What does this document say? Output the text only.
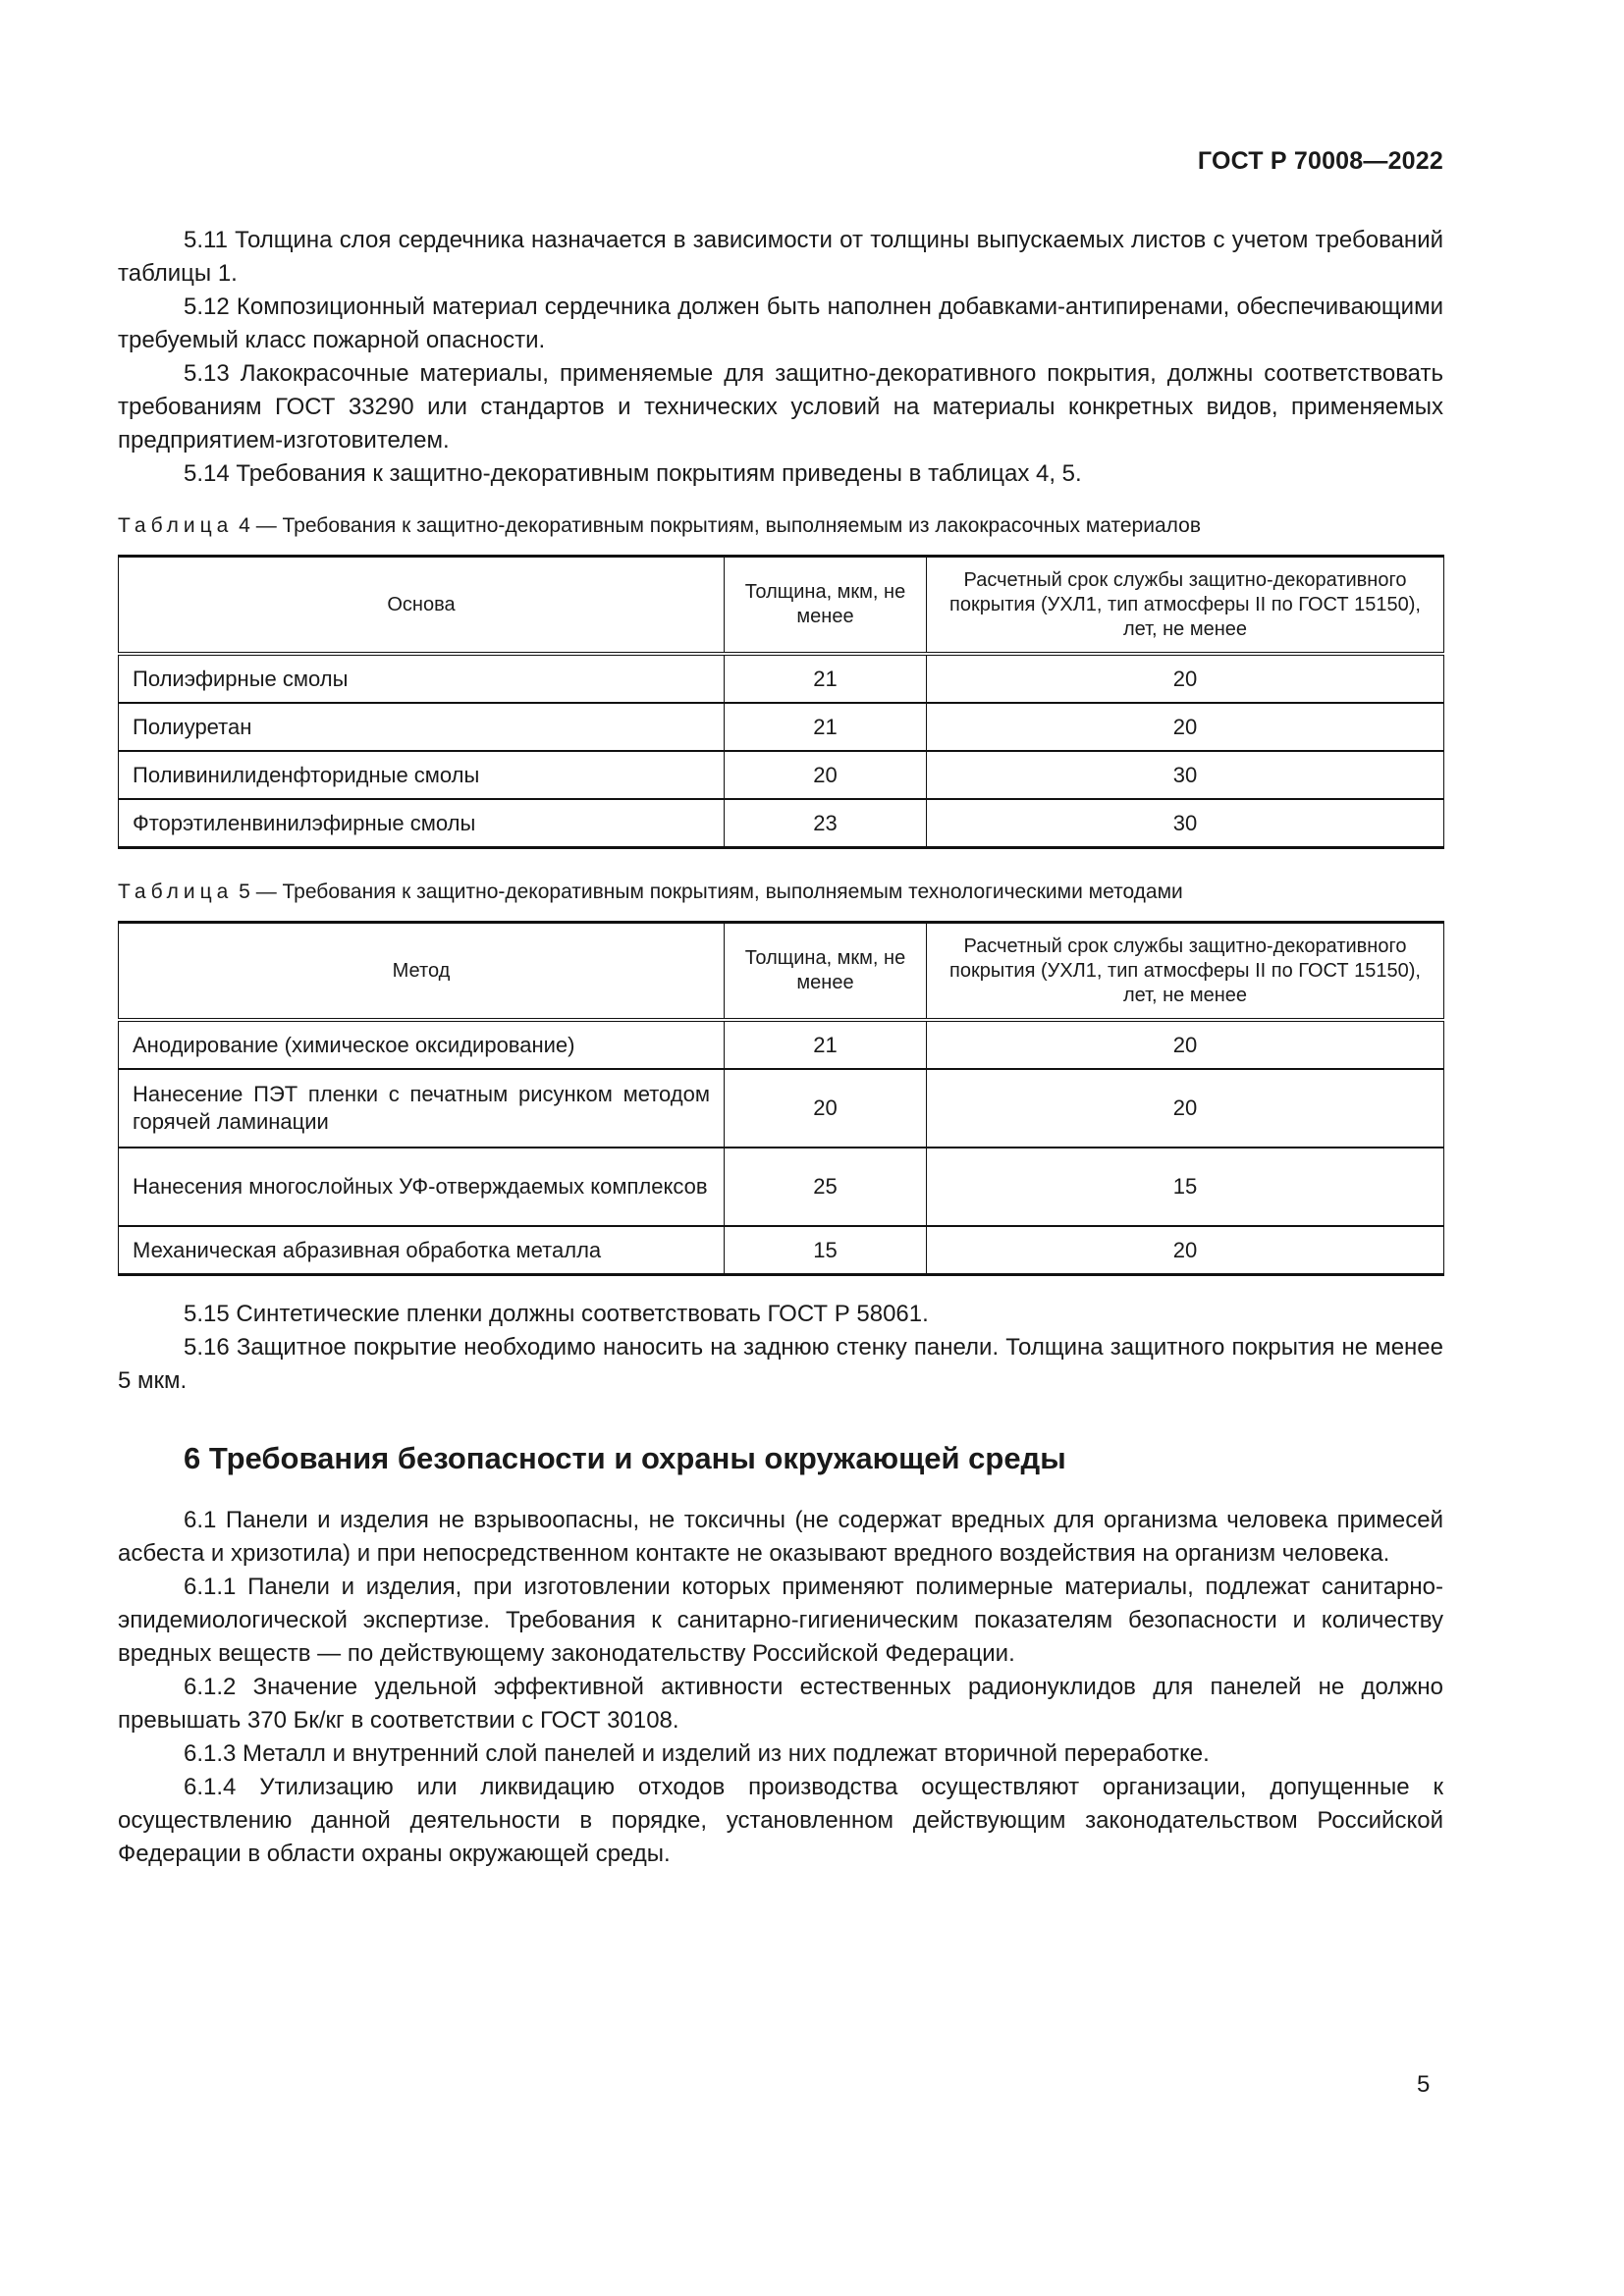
ГОСТ Р 70008—2022

5.11 Толщина слоя сердечника назначается в зависимости от толщины выпускаемых листов с учетом требований таблицы 1.

5.12 Композиционный материал сердечника должен быть наполнен добавками-антипиренами, обеспечивающими требуемый класс пожарной опасности.

5.13 Лакокрасочные материалы, применяемые для защитно-декоративного покрытия, должны соответствовать требованиям ГОСТ 33290 или стандартов и технических условий на материалы конкретных видов, применяемых предприятием-изготовителем.

5.14 Требования к защитно-декоративным покрытиям приведены в таблицах 4, 5.

Таблица 4 — Требования к защитно-декоративным покрытиям, выполняемым из лакокрасочных материалов

Основа	Толщина, мкм, не менее	Расчетный срок службы защитно-декоративного покрытия (УХЛ1, тип атмосферы II по ГОСТ 15150), лет, не менее
Полиэфирные смолы	21	20
Полиуретан	21	20
Поливинилиденфторидные смолы	20	30
Фторэтиленвинилэфирные смолы	23	30

Таблица 5 — Требования к защитно-декоративным покрытиям, выполняемым технологическими методами

Метод	Толщина, мкм, не менее	Расчетный срок службы защитно-декоративного покрытия (УХЛ1, тип атмосферы II по ГОСТ 15150), лет, не менее
Анодирование (химическое оксидирование)	21	20
Нанесение ПЭТ пленки с печатным рисунком методом горячей ламинации	20	20
Нанесения многослойных УФ-отверждаемых комплексов	25	15
Механическая абразивная обработка металла	15	20

5.15 Синтетические пленки должны соответствовать ГОСТ Р 58061.

5.16 Защитное покрытие необходимо наносить на заднюю стенку панели. Толщина защитного покрытия не менее 5 мкм.

6 Требования безопасности и охраны окружающей среды

6.1 Панели и изделия не взрывоопасны, не токсичны (не содержат вредных для организма человека примесей асбеста и хризотила) и при непосредственном контакте не оказывают вредного воздействия на организм человека.

6.1.1 Панели и изделия, при изготовлении которых применяют полимерные материалы, подлежат санитарно-эпидемиологической экспертизе. Требования к санитарно-гигиеническим показателям безопасности и количеству вредных веществ — по действующему законодательству Российской Федерации.

6.1.2 Значение удельной эффективной активности естественных радионуклидов для панелей не должно превышать 370 Бк/кг в соответствии с ГОСТ 30108.

6.1.3 Металл и внутренний слой панелей и изделий из них подлежат вторичной переработке.

6.1.4 Утилизацию или ликвидацию отходов производства осуществляют организации, допущенные к осуществлению данной деятельности в порядке, установленном действующим законодательством Российской Федерации в области охраны окружающей среды.

5
